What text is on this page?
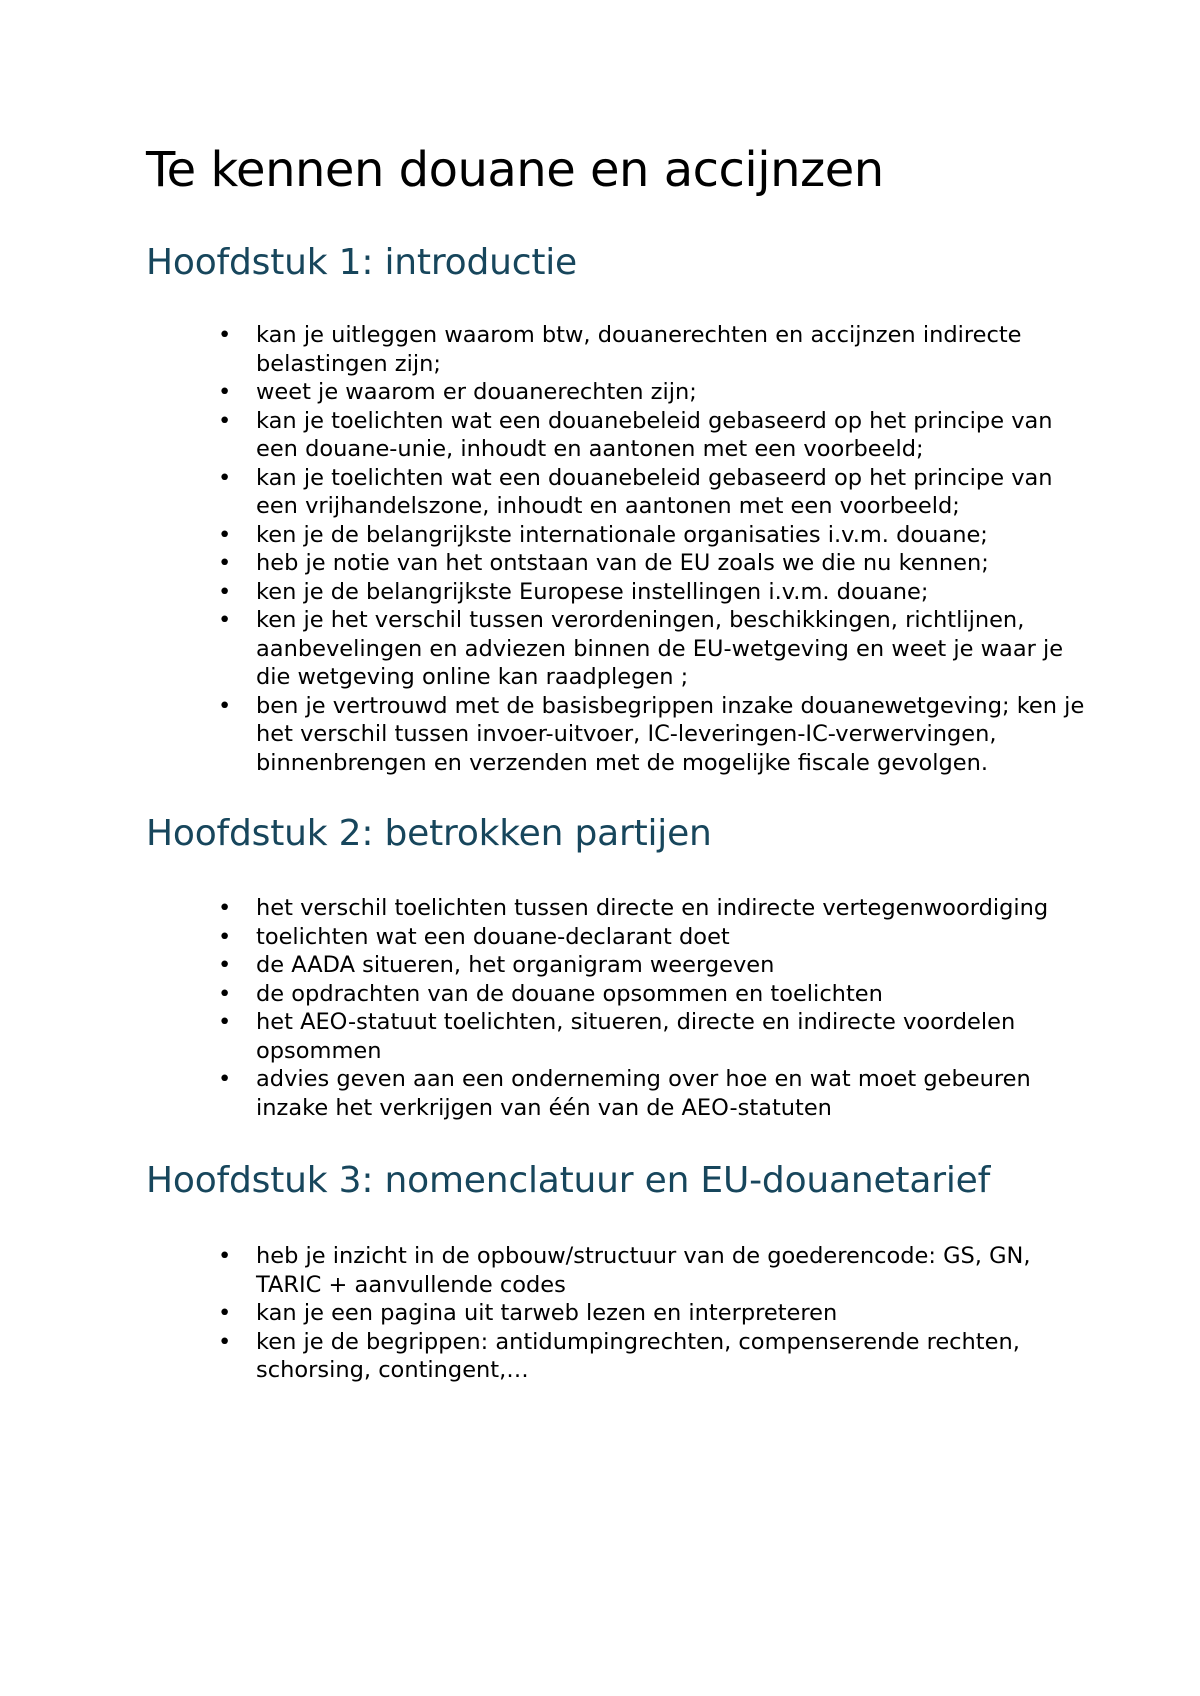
Te kennen douane en accijnzen
Hoofdstuk 1: introductie
• kan je uitleggen waarom btw, douanerechten en accijnzen indirecte belastingen zijn;
• weet je waarom er douanerechten zijn;
• kan je toelichten wat een douanebeleid gebaseerd op het principe van een douane-unie, inhoudt en aantonen met een voorbeeld;
• kan je toelichten wat een douanebeleid gebaseerd op het principe van een vrijhandelszone, inhoudt en aantonen met een voorbeeld;
• ken je de belangrijkste internationale organisaties i.v.m. douane;
• heb je notie van het ontstaan van de EU zoals we die nu kennen;
• ken je de belangrijkste Europese instellingen i.v.m. douane;
• ken je het verschil tussen verordeningen, beschikkingen, richtlijnen, aanbevelingen en adviezen binnen de EU-wetgeving en weet je waar je die wetgeving online kan raadplegen ;
• ben je vertrouwd met de basisbegrippen inzake douanewetgeving; ken je het verschil tussen invoer-uitvoer, IC-leveringen-IC-verwervingen, binnenbrengen en verzenden met de mogelijke fiscale gevolgen.
Hoofdstuk 2: betrokken partijen
• het verschil toelichten tussen directe en indirecte vertegenwoordiging
• toelichten wat een douane-declarant doet
• de AADA situeren, het organigram weergeven
• de opdrachten van de douane opsommen en toelichten
• het AEO-statuut toelichten, situeren, directe en indirecte voordelen opsommen
• advies geven aan een onderneming over hoe en wat moet gebeuren inzake het verkrijgen van één van de AEO-statuten
Hoofdstuk 3: nomenclatuur en EU-douanetarief
• heb je inzicht in de opbouw/structuur van de goederencode: GS, GN, TARIC + aanvullende codes
• kan je een pagina uit tarweb lezen en interpreteren
• ken je de begrippen: antidumpingrechten, compenserende rechten, schorsing, contingent,…
